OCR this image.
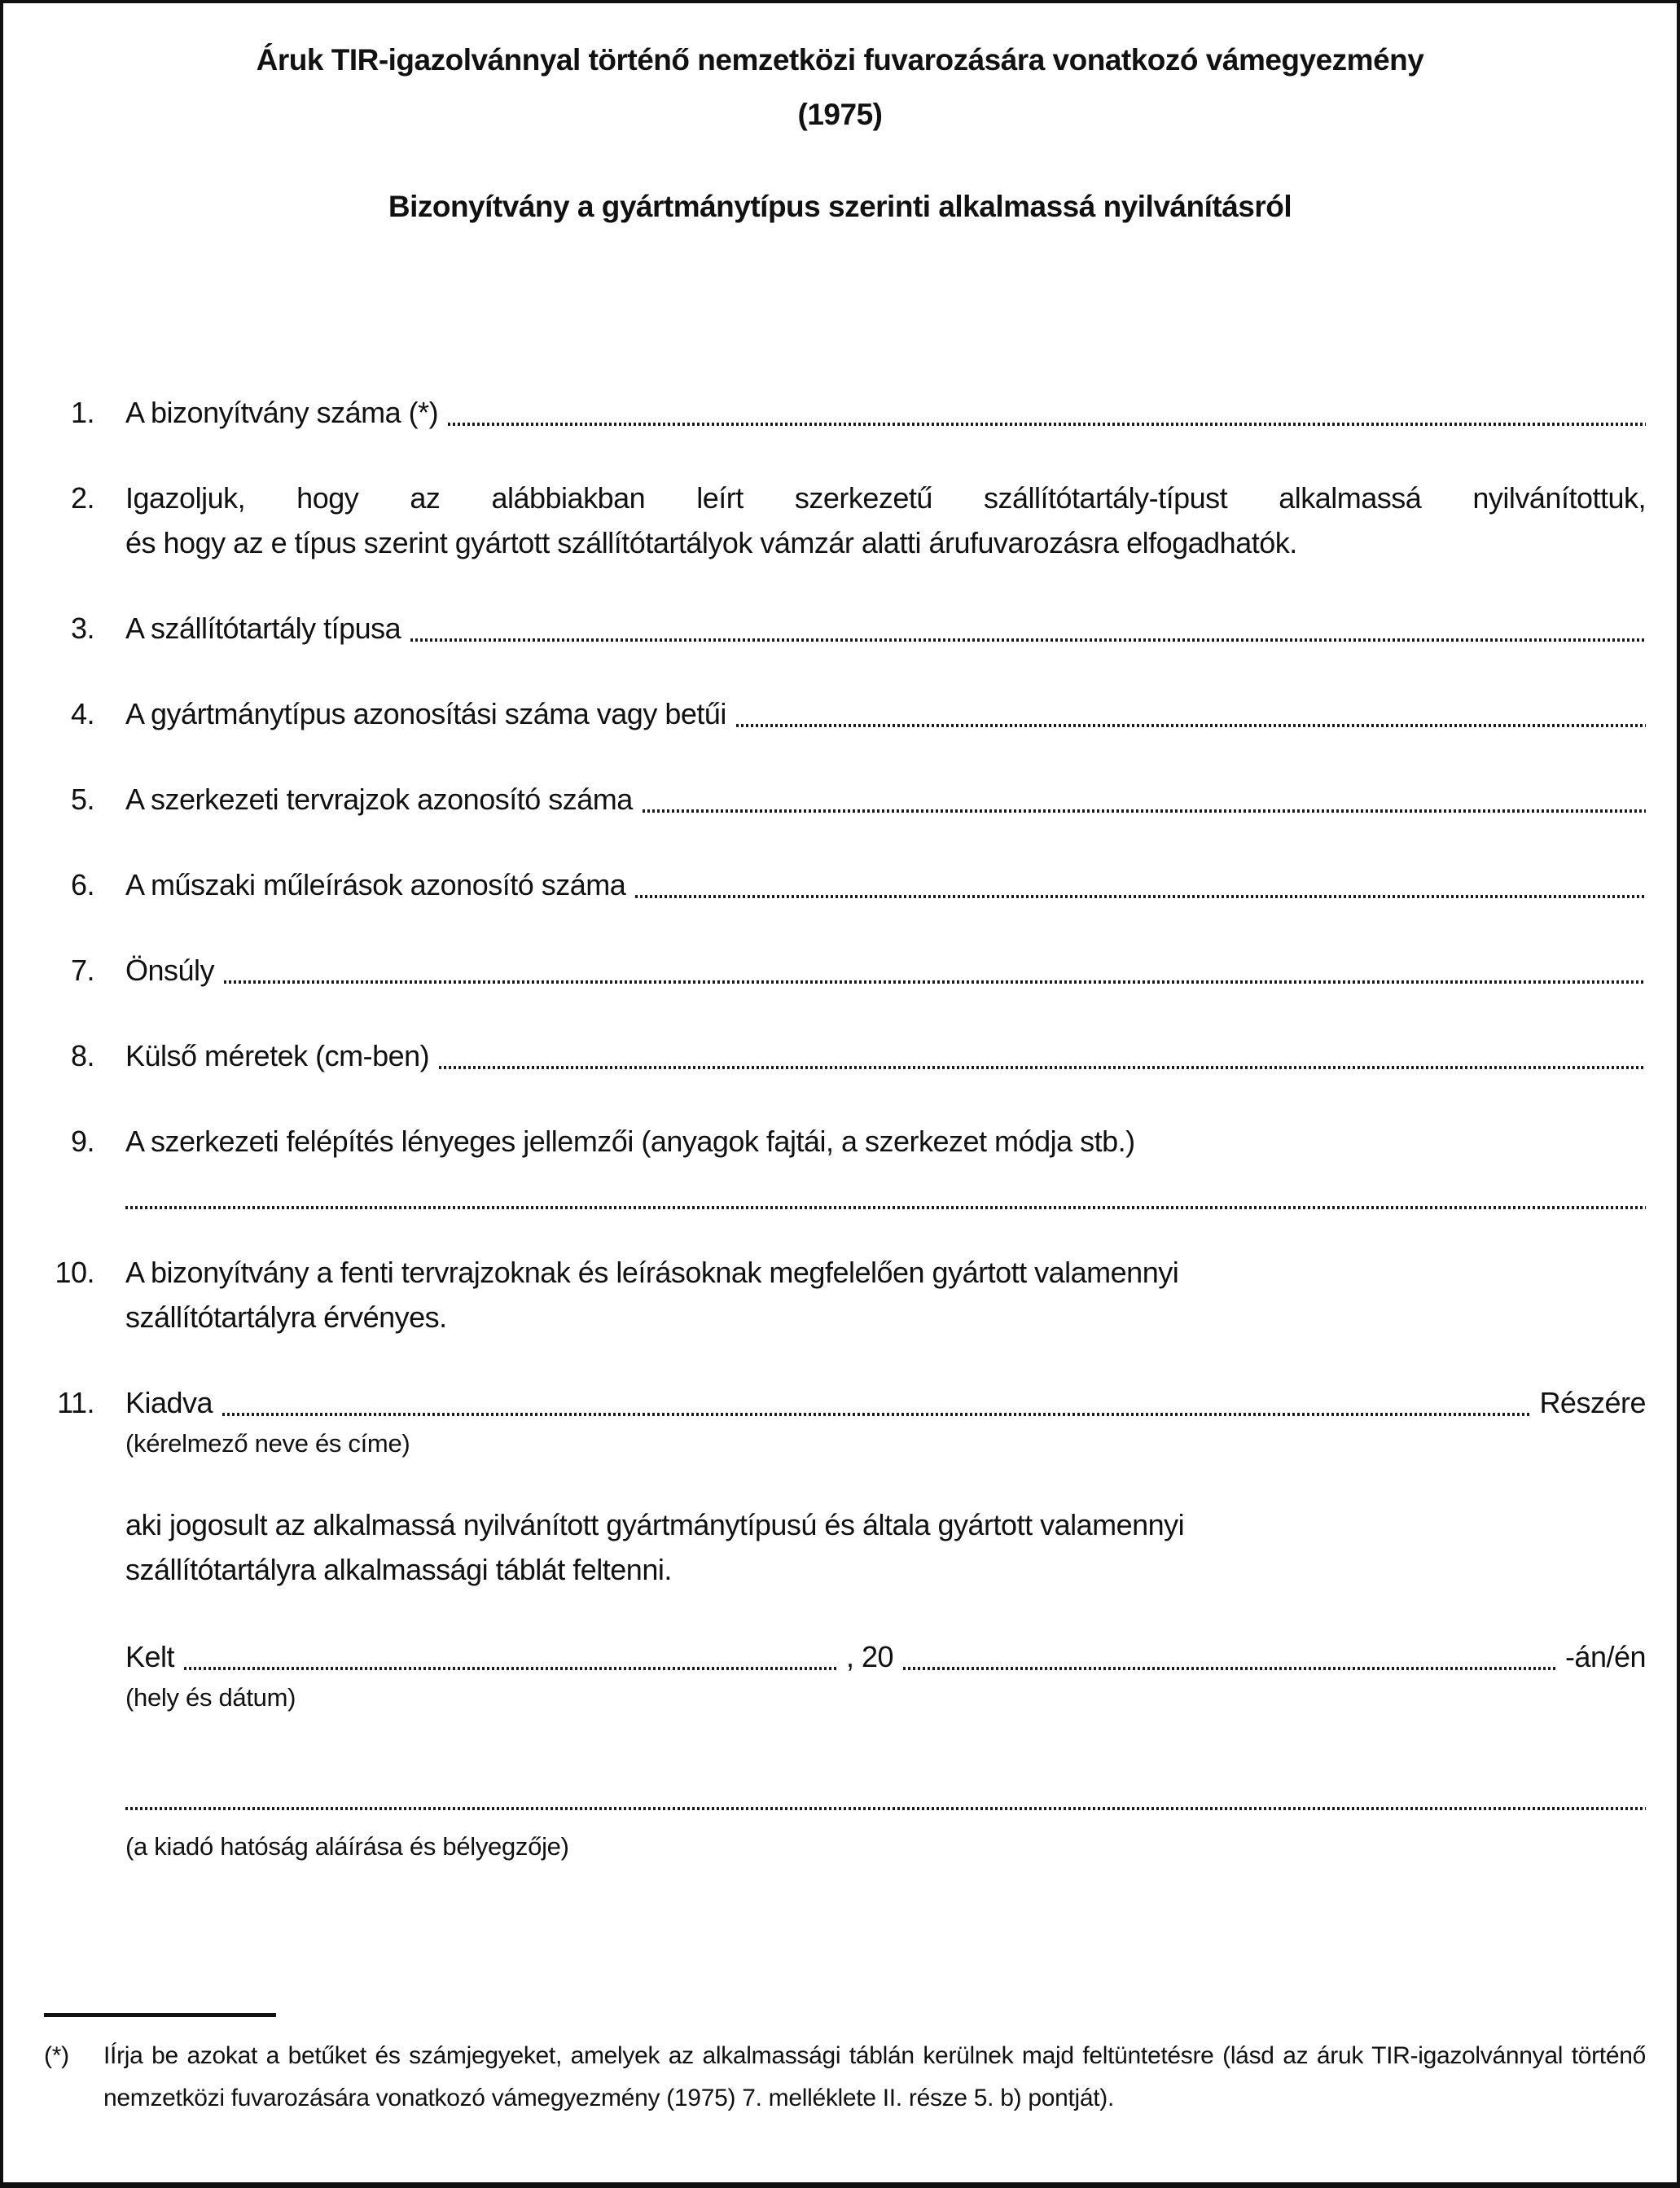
Áruk TIR-igazolvánnyal történő nemzetközi fuvarozására vonatkozó vámegyezmény
(1975)
Bizonyítvány a gyártmánytípus szerinti alkalmassá nyilvánításról
1. A bizonyítvány száma (*)
2. Igazoljuk, hogy az alábbiakban leírt szerkezetű szállítótartály-típust alkalmassá nyilvánítottuk,
és hogy az e típus szerint gyártott szállítótartályok vámzár alatti árufuvarozásra elfogadhatók.
3. A szállítótartály típusa
4. A gyártmánytípus azonosítási száma vagy betűi
5. A szerkezeti tervrajzok azonosító száma
6. A műszaki műleírások azonosító száma
7. Önsúly
8. Külső méretek (cm-ben)
9. A szerkezeti felépítés lényeges jellemzői (anyagok fajtái, a szerkezet módja stb.)
10. A bizonyítvány a fenti tervrajzoknak és leírásoknak megfelelően gyártott valamennyi
szállítótartályra érvényes.
11. Kiadva	Részére
(kérelmező neve és címe)
aki jogosult az alkalmassá nyilvánított gyártmánytípusú és általa gyártott valamennyi
szállítótartályra alkalmassági táblát feltenni.
Kelt	, 20	-án/én
(hely és dátum)
(a kiadó hatóság aláírása és bélyegzője)
(*)	IÍrja be azokat a betűket és számjegyeket, amelyek az alkalmassági táblán kerülnek majd feltüntetésre (lásd az áruk TIR-igazolvánnyal történő nemzetközi fuvarozására vonatkozó vámegyezmény (1975) 7. melléklete II. része 5. b) pontját).
